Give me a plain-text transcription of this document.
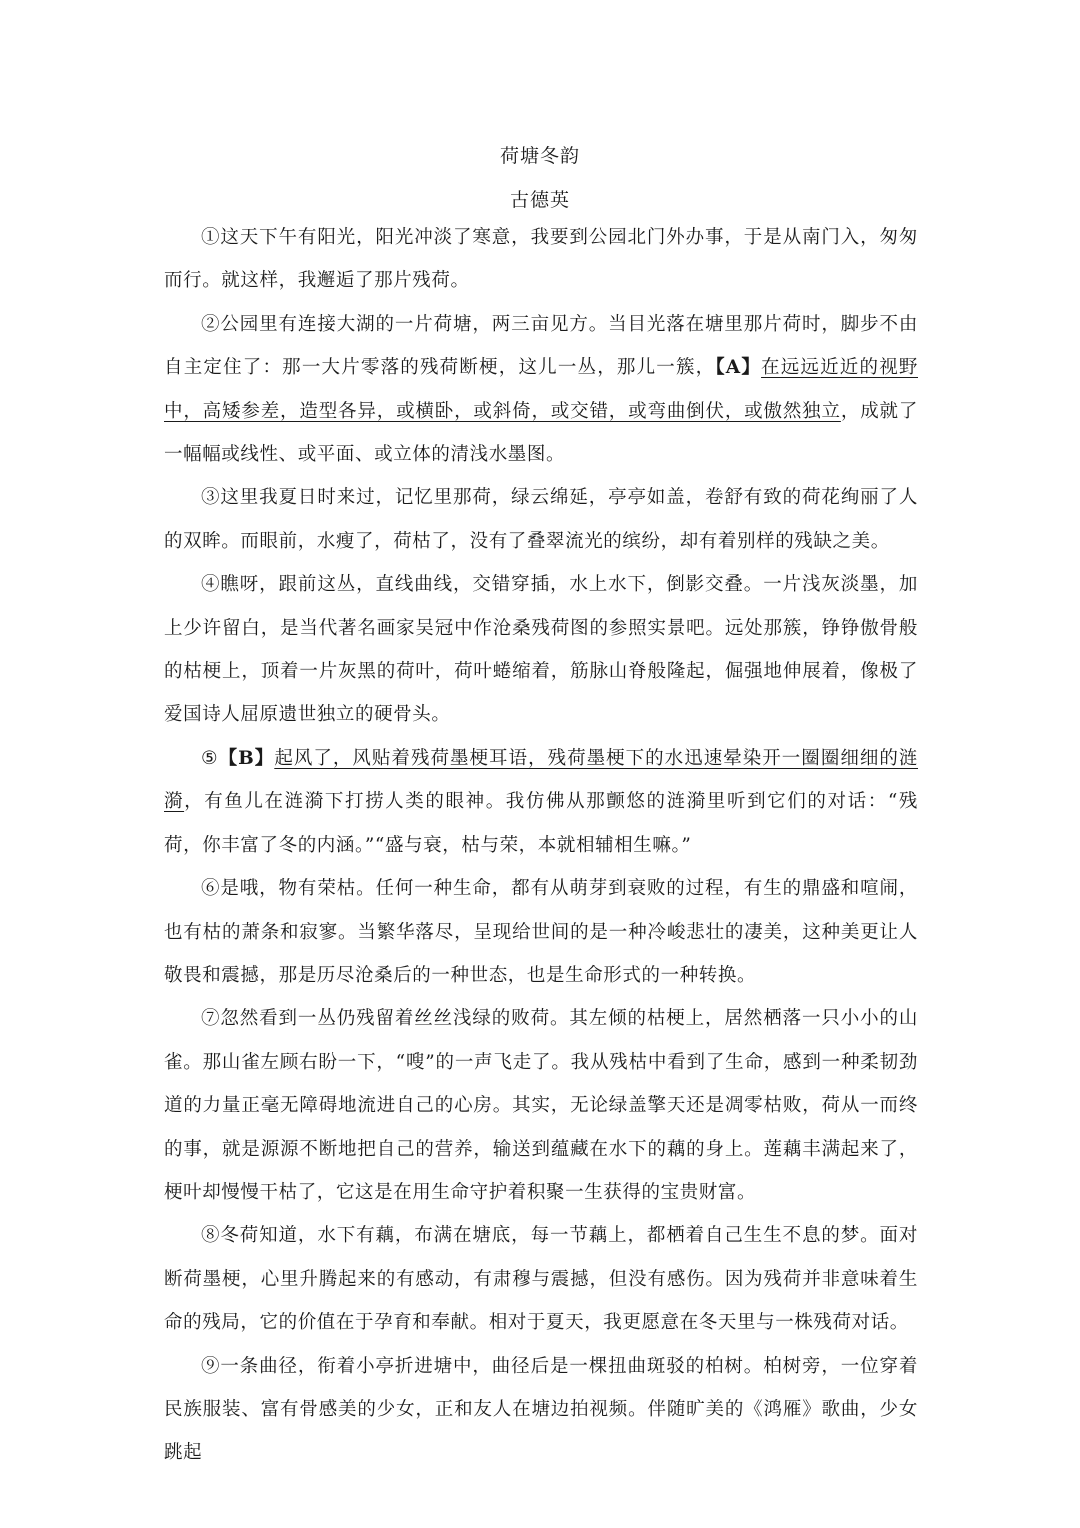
荷塘冬韵
古德英

①这天下午有阳光，阳光冲淡了寒意，我要到公园北门外办事，于是从南门入，匆匆而行。就这样，我邂逅了那片残荷。

②公园里有连接大湖的一片荷塘，两三亩见方。当目光落在塘里那片荷时，脚步不由自主定住了：那一大片零落的残荷断梗，这儿一丛，那儿一簇，【A】在远远近近的视野中，高矮参差，造型各异，或横卧，或斜倚，或交错，或弯曲倒伏，或傲然独立，成就了一幅幅或线性、或平面、或立体的清浅水墨图。

③这里我夏日时来过，记忆里那荷，绿云绵延，亭亭如盖，卷舒有致的荷花绚丽了人的双眸。而眼前，水瘦了，荷枯了，没有了叠翠流光的缤纷，却有着别样的残缺之美。

④瞧呀，跟前这丛，直线曲线，交错穿插，水上水下，倒影交叠。一片浅灰淡墨，加上少许留白，是当代著名画家吴冠中作沧桑残荷图的参照实景吧。远处那簇，铮铮傲骨般的枯梗上，顶着一片灰黑的荷叶，荷叶蜷缩着，筋脉山脊般隆起，倔强地伸展着，像极了爱国诗人屈原遗世独立的硬骨头。

⑤【B】起风了，风贴着残荷墨梗耳语，残荷墨梗下的水迅速晕染开一圈圈细细的涟漪，有鱼儿在涟漪下打捞人类的眼神。我仿佛从那颤悠的涟漪里听到它们的对话：“残荷，你丰富了冬的内涵。”“盛与衰，枯与荣，本就相辅相生嘛。”

⑥是哦，物有荣枯。任何一种生命，都有从萌芽到衰败的过程，有生的鼎盛和喧闹，也有枯的萧条和寂寥。当繁华落尽，呈现给世间的是一种冷峻悲壮的凄美，这种美更让人敬畏和震撼，那是历尽沧桑后的一种世态，也是生命形式的一种转换。

⑦忽然看到一丛仍残留着丝丝浅绿的败荷。其左倾的枯梗上，居然栖落一只小小的山雀。那山雀左顾右盼一下，“嗖”的一声飞走了。我从残枯中看到了生命，感到一种柔韧劲道的力量正毫无障碍地流进自己的心房。其实，无论绿盖擎天还是凋零枯败，荷从一而终的事，就是源源不断地把自己的营养，输送到蕴藏在水下的藕的身上。莲藕丰满起来了，梗叶却慢慢干枯了，它这是在用生命守护着积聚一生获得的宝贵财富。

⑧冬荷知道，水下有藕，布满在塘底，每一节藕上，都栖着自己生生不息的梦。面对断荷墨梗，心里升腾起来的有感动，有肃穆与震撼，但没有感伤。因为残荷并非意味着生命的残局，它的价值在于孕育和奉献。相对于夏天，我更愿意在冬天里与一株残荷对话。

⑨一条曲径，衔着小亭折进塘中，曲径后是一棵扭曲斑驳的柏树。柏树旁，一位穿着民族服装、富有骨感美的少女，正和友人在塘边拍视频。伴随旷美的《鸿雁》歌曲，少女跳起
